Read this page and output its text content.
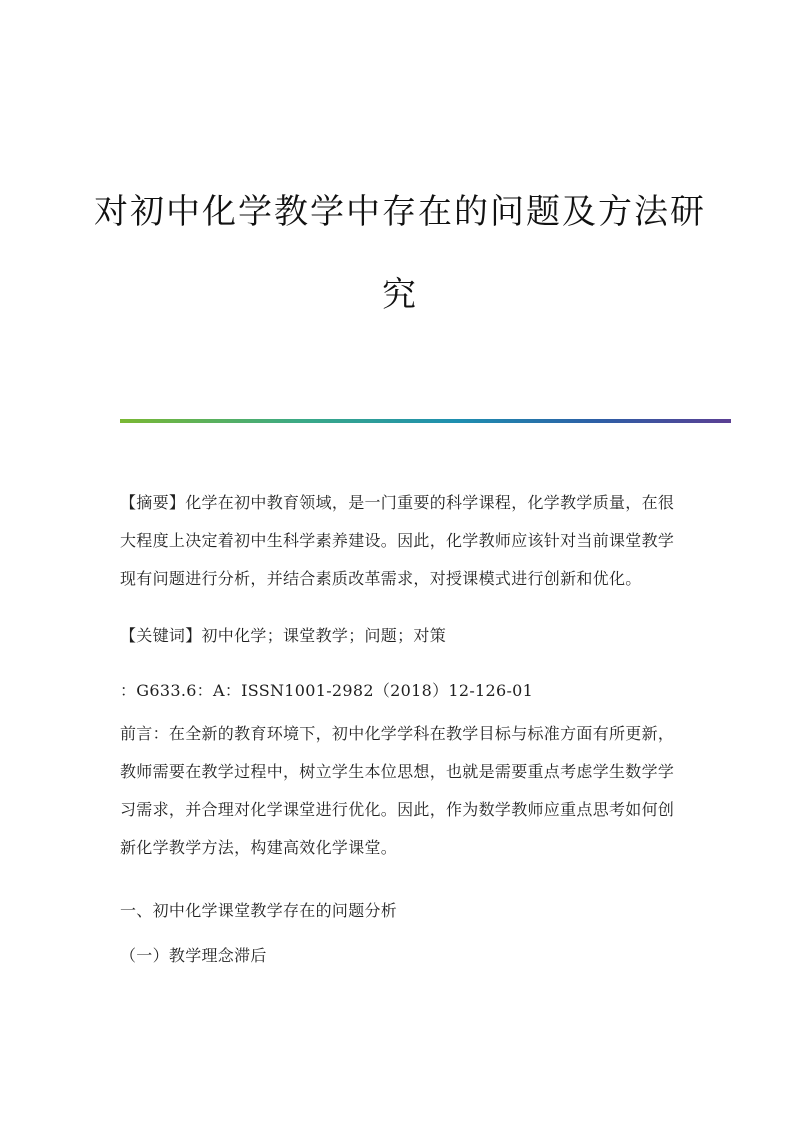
对初中化学教学中存在的问题及方法研
究
【摘要】化学在初中教育领域，是一门重要的科学课程，化学教学质量，在很大程度上决定着初中生科学素养建设。因此，化学教师应该针对当前课堂教学现有问题进行分析，并结合素质改革需求，对授课模式进行创新和优化。
【关键词】初中化学；课堂教学；问题；对策
：G633.6：A：ISSN1001-2982（2018）12-126-01
前言：在全新的教育环境下，初中化学学科在教学目标与标准方面有所更新，教师需要在教学过程中，树立学生本位思想，也就是需要重点考虑学生数学学习需求，并合理对化学课堂进行优化。因此，作为数学教师应重点思考如何创新化学教学方法，构建高效化学课堂。
一、初中化学课堂教学存在的问题分析
（一）教学理念滞后
